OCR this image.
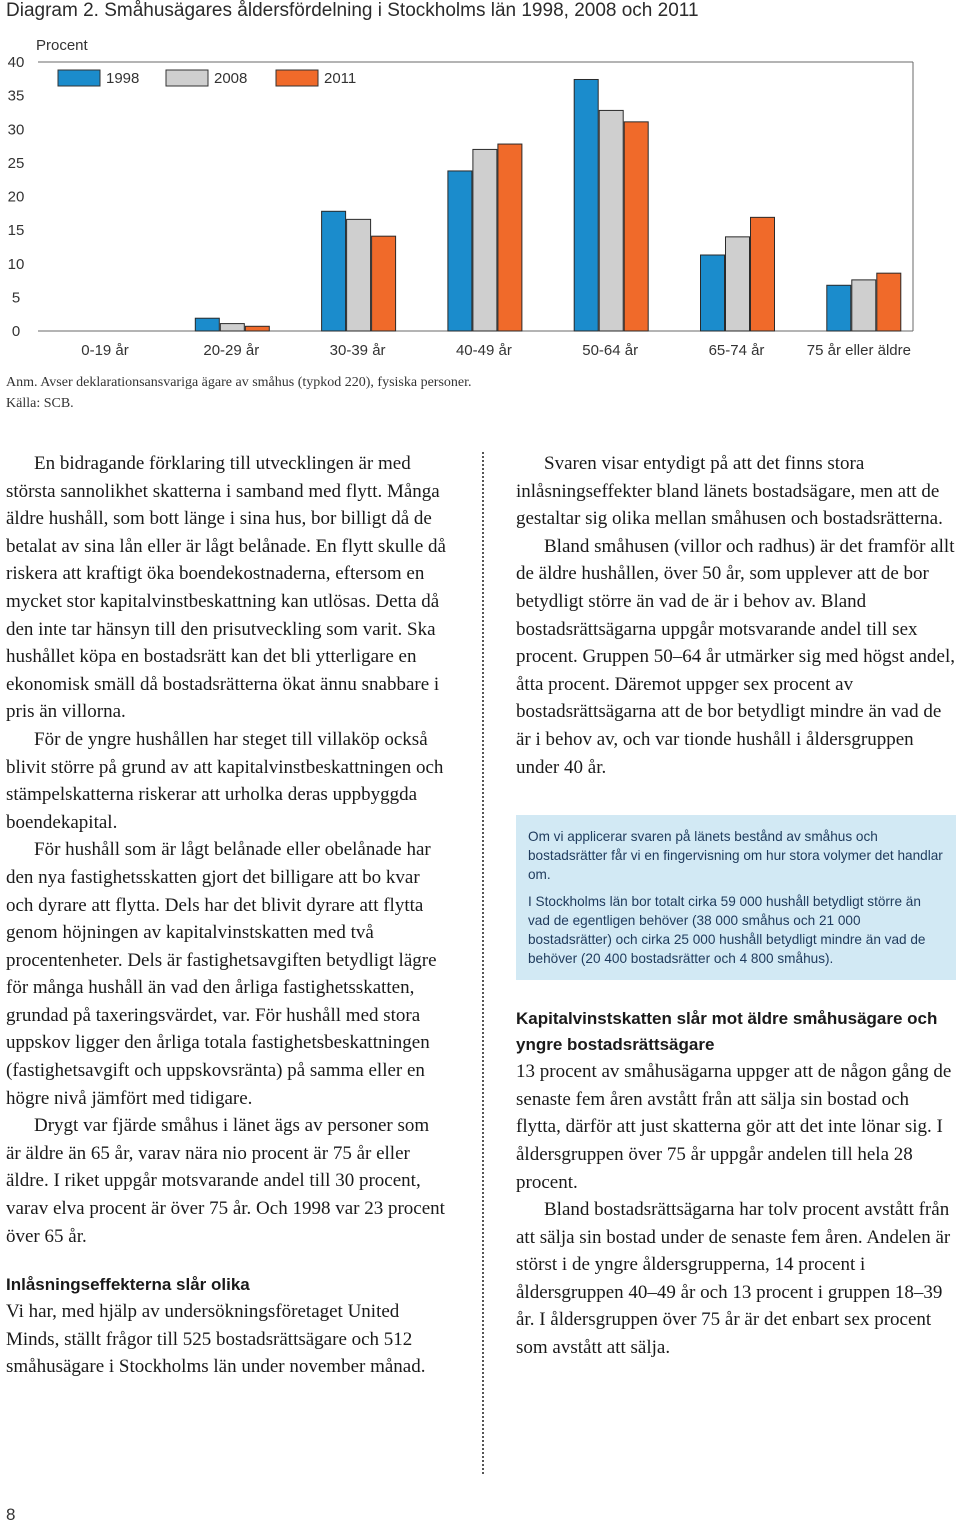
Diagram 2. Småhusägares åldersfördelning i Stockholms län 1998, 2008 och 2011
Procent
0
5
10
15
20
25
30
35
40
1998	2008	2011
0-19 år	20-29 år	30-39 år	40-49 år	50-64 år	65-74 år	75 år eller äldre
Anm. Avser deklarationsansvariga ägare av småhus (typkod 220), fysiska personer.
Källa: SCB.

En bidragande förklaring till utvecklingen är med största sannolikhet skatterna i samband med flytt. Många äldre hushåll, som bott länge i sina hus, bor billigt då de betalat av sina lån eller är lågt belånade. En flytt skulle då riskera att kraftigt öka boendekostnaderna, eftersom en mycket stor kapitalvinstbeskattning kan utlösas. Detta då den inte tar hänsyn till den prisutveckling som varit. Ska hushållet köpa en bostadsrätt kan det bli ytterligare en ekonomisk smäll då bostadsrätterna ökat ännu snabbare i pris än villorna.

För de yngre hushållen har steget till villaköp också blivit större på grund av att kapitalvinstbeskattningen och stämpelskatterna riskerar att urholka deras uppbyggda boendekapital.

För hushåll som är lågt belånade eller obelånade har den nya fastighetsskatten gjort det billigare att bo kvar och dyrare att flytta. Dels har det blivit dyrare att flytta genom höjningen av kapitalvinstskatten med två procentenheter. Dels är fastighetsavgiften betydligt lägre för många hushåll än vad den årliga fastighetsskatten, grundad på taxeringsvärdet, var. För hushåll med stora uppskov ligger den årliga totala fastighetsbeskattningen (fastighetsavgift och uppskovsränta) på samma eller en högre nivå jämfört med tidigare.

Drygt var fjärde småhus i länet ägs av personer som är äldre än 65 år, varav nära nio procent är 75 år eller äldre. I riket uppgår motsvarande andel till 30 procent, varav elva procent är över 75 år. Och 1998 var 23 procent över 65 år.

Inlåsningseffekterna slår olika

Vi har, med hjälp av undersökningsföretaget United Minds, ställt frågor till 525 bostadsrättsägare och 512 småhusägare i Stockholms län under november månad.

Svaren visar entydigt på att det finns stora inlåsningseffekter bland länets bostadsägare, men att de gestaltar sig olika mellan småhusen och bostadsrätterna.

Bland småhusen (villor och radhus) är det framför allt de äldre hushållen, över 50 år, som upplever att de bor betydligt större än vad de är i behov av. Bland bostadsrättsägarna uppgår motsvarande andel till sex procent. Gruppen 50–64 år utmärker sig med högst andel, åtta procent. Däremot uppger sex procent av bostadsrättsägarna att de bor betydligt mindre än vad de är i behov av, och var tionde hushåll i åldersgruppen under 40 år.

Om vi applicerar svaren på länets bestånd av småhus och bostadsrätter får vi en fingervisning om hur stora volymer det handlar om.

I Stockholms län bor totalt cirka 59 000 hushåll betydligt större än vad de egentligen behöver (38 000 småhus och 21 000 bostadsrätter) och cirka 25 000 hushåll betydligt mindre än vad de behöver (20 400 bostadsrätter och 4 800 småhus).

Kapitalvinstskatten slår mot äldre småhusägare och yngre bostadsrättsägare

13 procent av småhusägarna uppger att de någon gång de senaste fem åren avstått från att sälja sin bostad och flytta, därför att just skatterna gör att det inte lönar sig. I åldersgruppen över 75 år uppgår andelen till hela 28 procent.

Bland bostadsrättsägarna har tolv procent avstått från att sälja sin bostad under de senaste fem åren. Andelen är störst i de yngre åldersgrupperna, 14 procent i åldersgruppen 40–49 år och 13 procent i gruppen 18–39 år. I åldersgruppen över 75 år är det enbart sex procent som avstått att sälja.

8
